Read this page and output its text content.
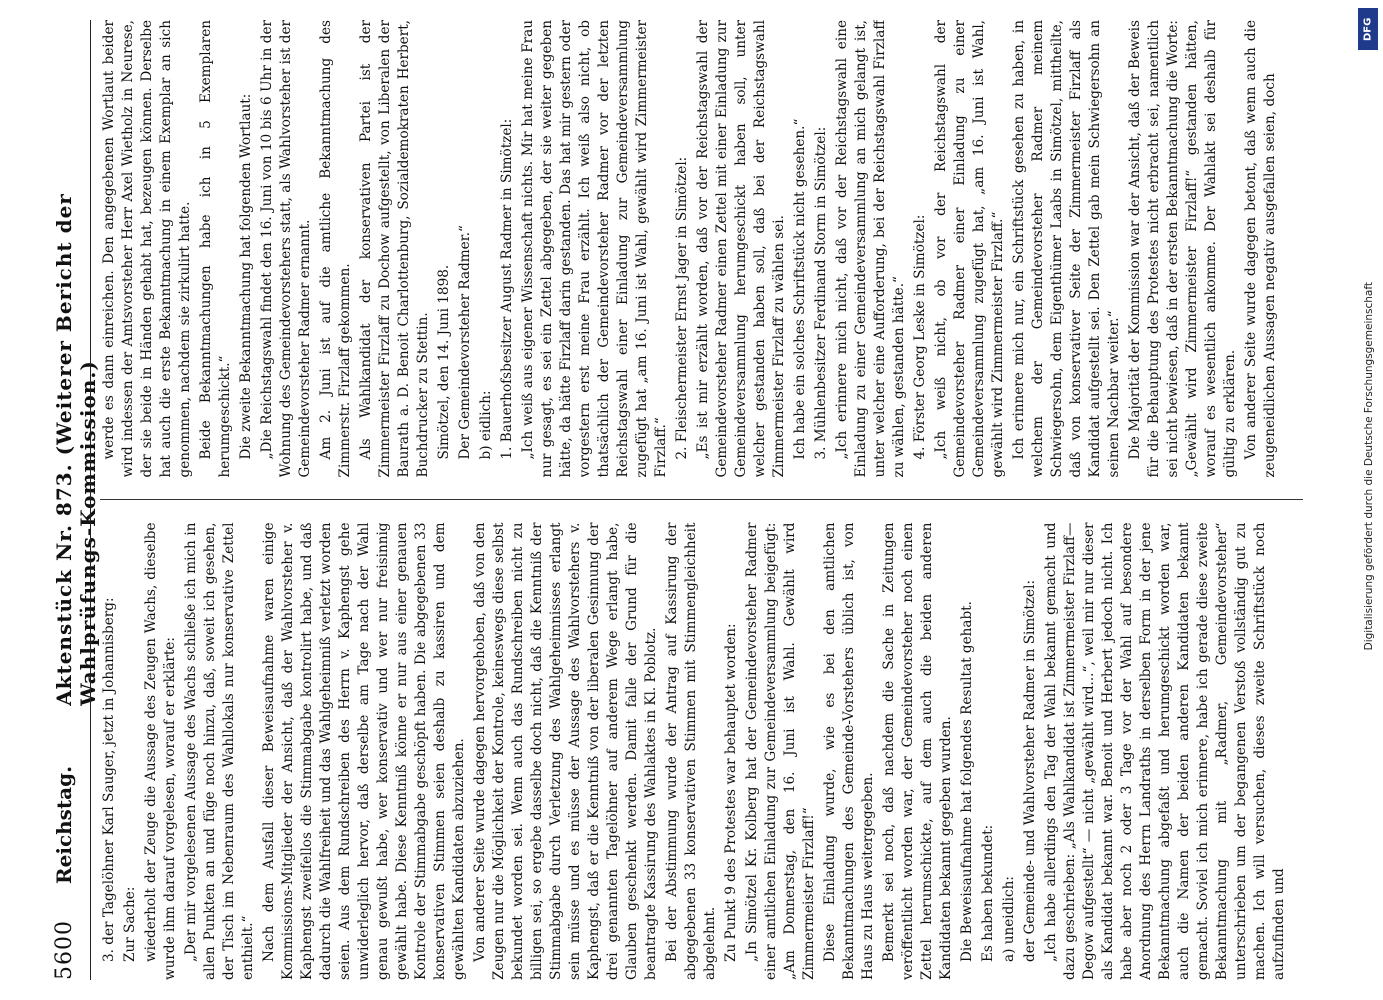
5600
Reichstag.
Aktenstück Nr. 873. (Weiterer Bericht der Wahlprüfungs-Kommission.)

3. der Tagelöhner Karl Sauger, jetzt in Johannisberg: Zur Sache: wiederholt der Zeuge die Aussage des Zeugen Wachs, dieselbe wurde ihm darauf vorgelesen, worauf er erklärte: „Der mir vorgelesenen Aussage des Wachs schließe ich mich in allen Punkten an und füge noch hinzu, daß, soweit ich gesehen, der Tisch im Nebenraum des Wahllokals nur konservative Zettel enthielt.“ Nach dem Ausfall dieser Beweisaufnahme waren einige Kommissions-Mitglieder der Ansicht, daß der Wahlvorsteher v. Kaphengst zweifellos die Stimmabgabe kontrolirt habe, und daß dadurch die Wahlfreiheit und das Wahlgeheimniß verletzt worden seien. Aus dem Rundschreiben des Herrn v. Kaphengst gehe unwiderleglich hervor, daß derselbe am Tage nach der Wahl genau gewußt habe, wer konservativ und wer nur freisinnig gewählt habe. Diese Kenntniß könne er nur aus einer genauen Kontrole der Stimmabgabe geschöpft haben. Die abgegebenen 33 konservativen Stimmen seien deshalb zu kassiren und dem gewählten Kandidaten abzuziehen. Von anderer Seite wurde dagegen hervorgehoben, daß von den Zeugen nur die Möglichkeit der Kontrole, keineswegs diese selbst bekundet worden sei. Wenn auch das Rundschreiben nicht zu billigen sei, so ergebe dasselbe doch nicht, daß die Kenntniß der Stimmabgabe durch Verletzung des Wahlgeheimnisses erlangt sein müsse und es müsse der Aussage des Wahlvorstehers v. Kaphengst, daß er die Kenntniß von der liberalen Gesinnung der drei genannten Tagelöhner auf anderem Wege erlangt habe, Glauben geschenkt werden. Damit falle der Grund für die beantragte Kassirung des Wahlaktes in Kl. Poblotz. Bei der Abstimmung wurde der Antrag auf Kassirung der abgegebenen 33 konservativen Stimmen mit Stimmengleichheit abgelehnt. Zu Punkt 9 des Protestes war behauptet worden: „In Simötzel Kr. Kolberg hat der Gemeindevorsteher Radmer einer amtlichen Einladung zur Gemeindeversammlung beigefügt: „Am Donnerstag, den 16. Juni ist Wahl. Gewählt wird Zimmermeister Firzlaff!“ Diese Einladung wurde, wie es bei den amtlichen Bekanntmachungen des Gemeinde-Vorstehers üblich ist, von Haus zu Haus weitergegeben. Bemerkt sei noch, daß nachdem die Sache in Zeitungen veröffentlicht worden war, der Gemeindevorsteher noch einen Zettel herumschickte, auf dem auch die beiden anderen Kandidaten bekannt gegeben wurden. Die Beweisaufnahme hat folgendes Resultat gehabt. Es haben bekundet: a) uneidlich: der Gemeinde- und Wahlvorsteher Radmer in Simötzel: „Ich habe allerdings den Tag der Wahl bekannt gemacht und dazu geschrieben: „Als Wahlkandidat ist Zimmermeister Firzlaff—Degow aufgestellt“ — nicht „gewählt wird...“, weil mir nur dieser als Kandidat bekannt war. Benoit und Herbert jedoch nicht. Ich habe aber noch 2 oder 3 Tage vor der Wahl auf besondere Anordnung des Herrn Landraths in derselben Form in der jene Bekanntmachung abgefaßt und herumgeschickt worden war, auch die Namen der beiden anderen Kandidaten bekannt gemacht. Soviel ich mich erinnere, habe ich gerade diese zweite Bekanntmachung mit „Radmer, Gemeindevorsteher“ unterschrieben um der begangenen Verstoß vollständig gut zu machen. Ich will versuchen, dieses zweite Schriftstück noch aufzufinden und

werde es dann einreichen. Den angegebenen Wortlaut beider wird indessen der Amtsvorsteher Herr Axel Wietholz in Neurese, der sie beide in Händen gehabt hat, bezeugen können. Derselbe hat auch die erste Bekanntmachung in einem Exemplar an sich genommen, nachdem sie zirkulirt hatte. Beide Bekanntmachungen habe ich in 5 Exemplaren herumgeschickt.“ Die zweite Bekanntmachung hat folgenden Wortlaut: „Die Reichstagswahl findet den 16. Juni von 10 bis 6 Uhr in der Wohnung des Gemeindevorstehers statt, als Wahlvorsteher ist der Gemeindevorsteher Radmer ernannt. Am 2. Juni ist auf die amtliche Bekanntmachung des Zimmerstr. Firzlaff gekommen. Als Wahlkandidat der konservativen Partei ist der Zimmermeister Firzlaff zu Dochow aufgestellt, von Liberalen der Baurath a. D. Benoit Charlottenburg, Sozialdemokraten Herbert, Buchdrucker zu Stettin. Simötzel, den 14. Juni 1898. Der Gemeindevorsteher Radmer.“ b) eidlich: 1. Bauerhofsbesitzer August Radmer in Simötzel: „Ich weiß aus eigener Wissenschaft nichts. Mir hat meine Frau nur gesagt, es sei ein Zettel abgegeben, der sie weiter gegeben hätte, da hätte Firzlaff darin gestanden. Das hat mir gestern oder vorgestern erst meine Frau erzählt. Ich weiß also nicht, ob thatsächlich der Gemeindevorsteher Radmer vor der letzten Reichstagswahl einer Einladung zur Gemeindeversammlung zugefügt hat „am 16. Juni ist Wahl, gewählt wird Zimmermeister Firzlaff.“ 2. Fleischermeister Ernst Jager in Simötzel: „Es ist mir erzählt worden, daß vor der Reichstagswahl der Gemeindevorsteher Radmer einen Zettel mit einer Einladung zur Gemeindeversammlung herumgeschickt haben soll, unter welcher gestanden haben soll, daß bei der Reichstagswahl Zimmermeister Firzlaff zu wählen sei. Ich habe ein solches Schriftstück nicht gesehen.“ 3. Mühlenbesitzer Ferdinand Storm in Simötzel: „Ich erinnere mich nicht, daß vor der Reichstagswahl eine Einladung zu einer Gemeindeversammlung an mich gelangt ist, unter welcher eine Aufforderung, bei der Reichstagswahl Firzlaff zu wählen, gestanden hätte.“ 4. Förster Georg Leske in Simötzel: „Ich weiß nicht, ob vor der Reichstagswahl der Gemeindevorsteher Radmer einer Einladung zu einer Gemeindeversammlung zugefügt hat, „am 16. Juni ist Wahl, gewählt wird Zimmermeister Firzlaff.“ Ich erinnere mich nur, ein Schriftstück gesehen zu haben, in welchem der Gemeindevorsteher Radmer meinem Schwiegersohn, dem Eigenthümer Laabs in Simötzel, mittheilte, daß von konservativer Seite der Zimmermeister Firzlaff als Kandidat aufgestellt sei. Den Zettel gab mein Schwiegersohn an seinen Nachbar weiter.“ Die Majorität der Kommission war der Ansicht, daß der Beweis für die Behauptung des Protestes nicht erbracht sei, namentlich sei nicht bewiesen, daß in der ersten Bekanntmachung die Worte: „Gewählt wird Zimmermeister Firzlaff!“ gestanden hätten, worauf es wesentlich ankomme. Der Wahlakt sei deshalb für gültig zu erklären. Von anderer Seite wurde dagegen betont, daß wenn auch die zeugeneidlichen Aussagen negativ ausgefallen seien, doch

DFG
Digitalisierung gefördert durch die Deutsche Forschungsgemeinschaft
